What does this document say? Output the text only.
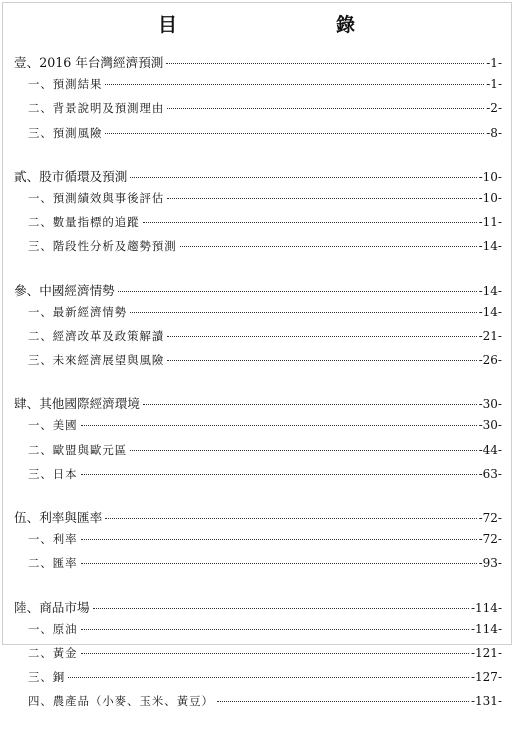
目　錄
壹、2016 年台灣經濟預測	-1-
一、預測結果	-1-
二、背景說明及預測理由	-2-
三、預測風險	-8-
貳、股市循環及預測	-10-
一、預測績效與事後評估	-10-
二、數量指標的追蹤	-11-
三、階段性分析及趨勢預測	-14-
參、中國經濟情勢	-14-
一、最新經濟情勢	-14-
二、經濟改革及政策解讀	-21-
三、未來經濟展望與風險	-26-
肆、其他國際經濟環境	-30-
一、美國	-30-
二、歐盟與歐元區	-44-
三、日本	-63-
伍、利率與匯率	-72-
一、利率	-72-
二、匯率	-93-
陸、商品市場	-114-
一、原油	-114-
二、黃金	-121-
三、銅	-127-
四、農產品（小麥、玉米、黃豆）	-131-
